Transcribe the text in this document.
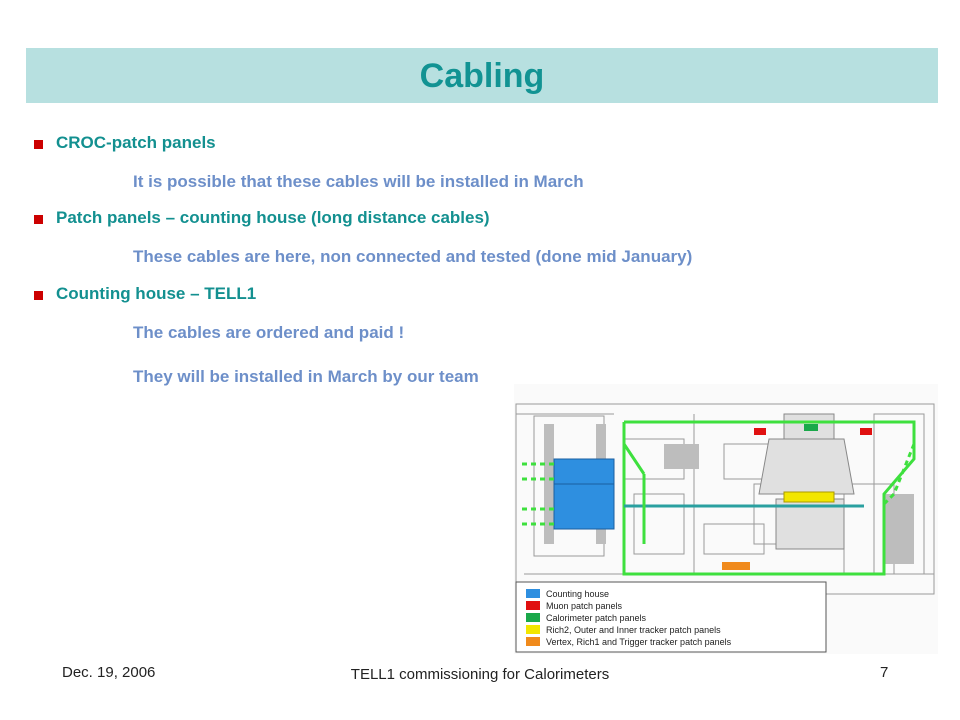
Cabling
CROC-patch panels
It is possible that these cables will be installed in March
Patch panels – counting house (long distance cables)
These cables are here, non connected and tested (done mid January)
Counting house – TELL1
The cables are ordered and paid !
They will be installed in March by our team
Counting house
Muon patch panels
Calorimeter patch panels
Rich2, Outer and Inner tracker patch panels
Vertex, Rich1 and Trigger tracker patch panels
Dec. 19, 2006	TELL1 commissioning for Calorimeters	7
